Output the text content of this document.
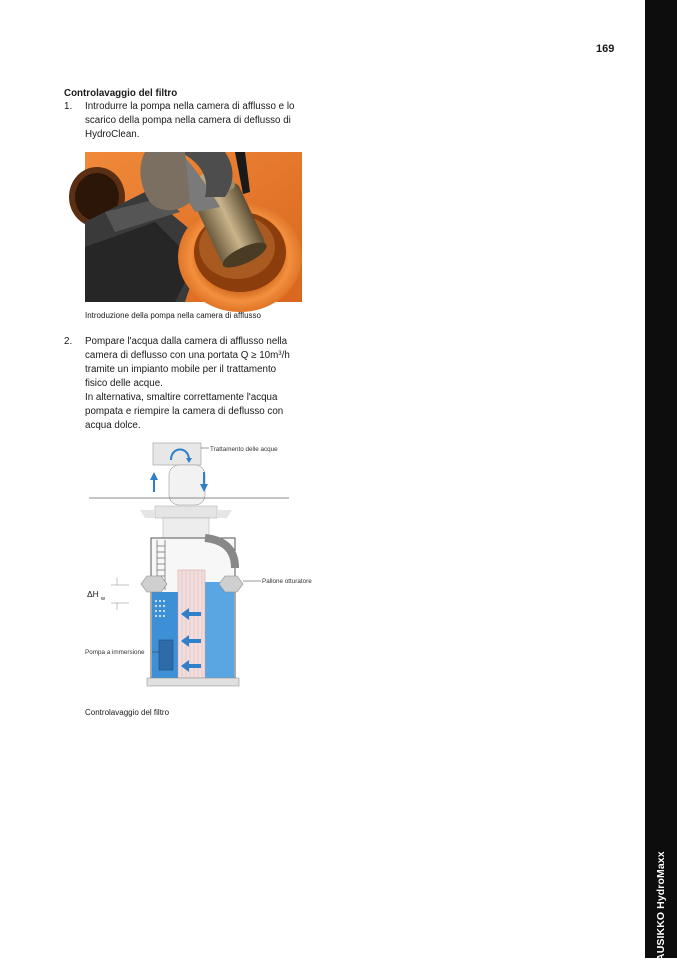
RAUSIKKO HydroMaxx
169
Controlavaggio del filtro
1. Introdurre la pompa nella camera di afflusso e lo
scarico della pompa nella camera di deflusso di
HydroClean.
Introduzione della pompa nella camera di afflusso
2. Pompare l'acqua dalla camera di afflusso nella
camera di deflusso con una portata $Q \ge 10m^3/h$
tramite un impianto mobile per il trattamento
fisico delle acque.
In alternativa, smaltire correttamente l'acqua
pompata e riempire la camera di deflusso con
acqua dolce.
Trattamento delle acque
Pallone otturatore
ΔH w
Pompa a immersione
Controlavaggio del filtro
